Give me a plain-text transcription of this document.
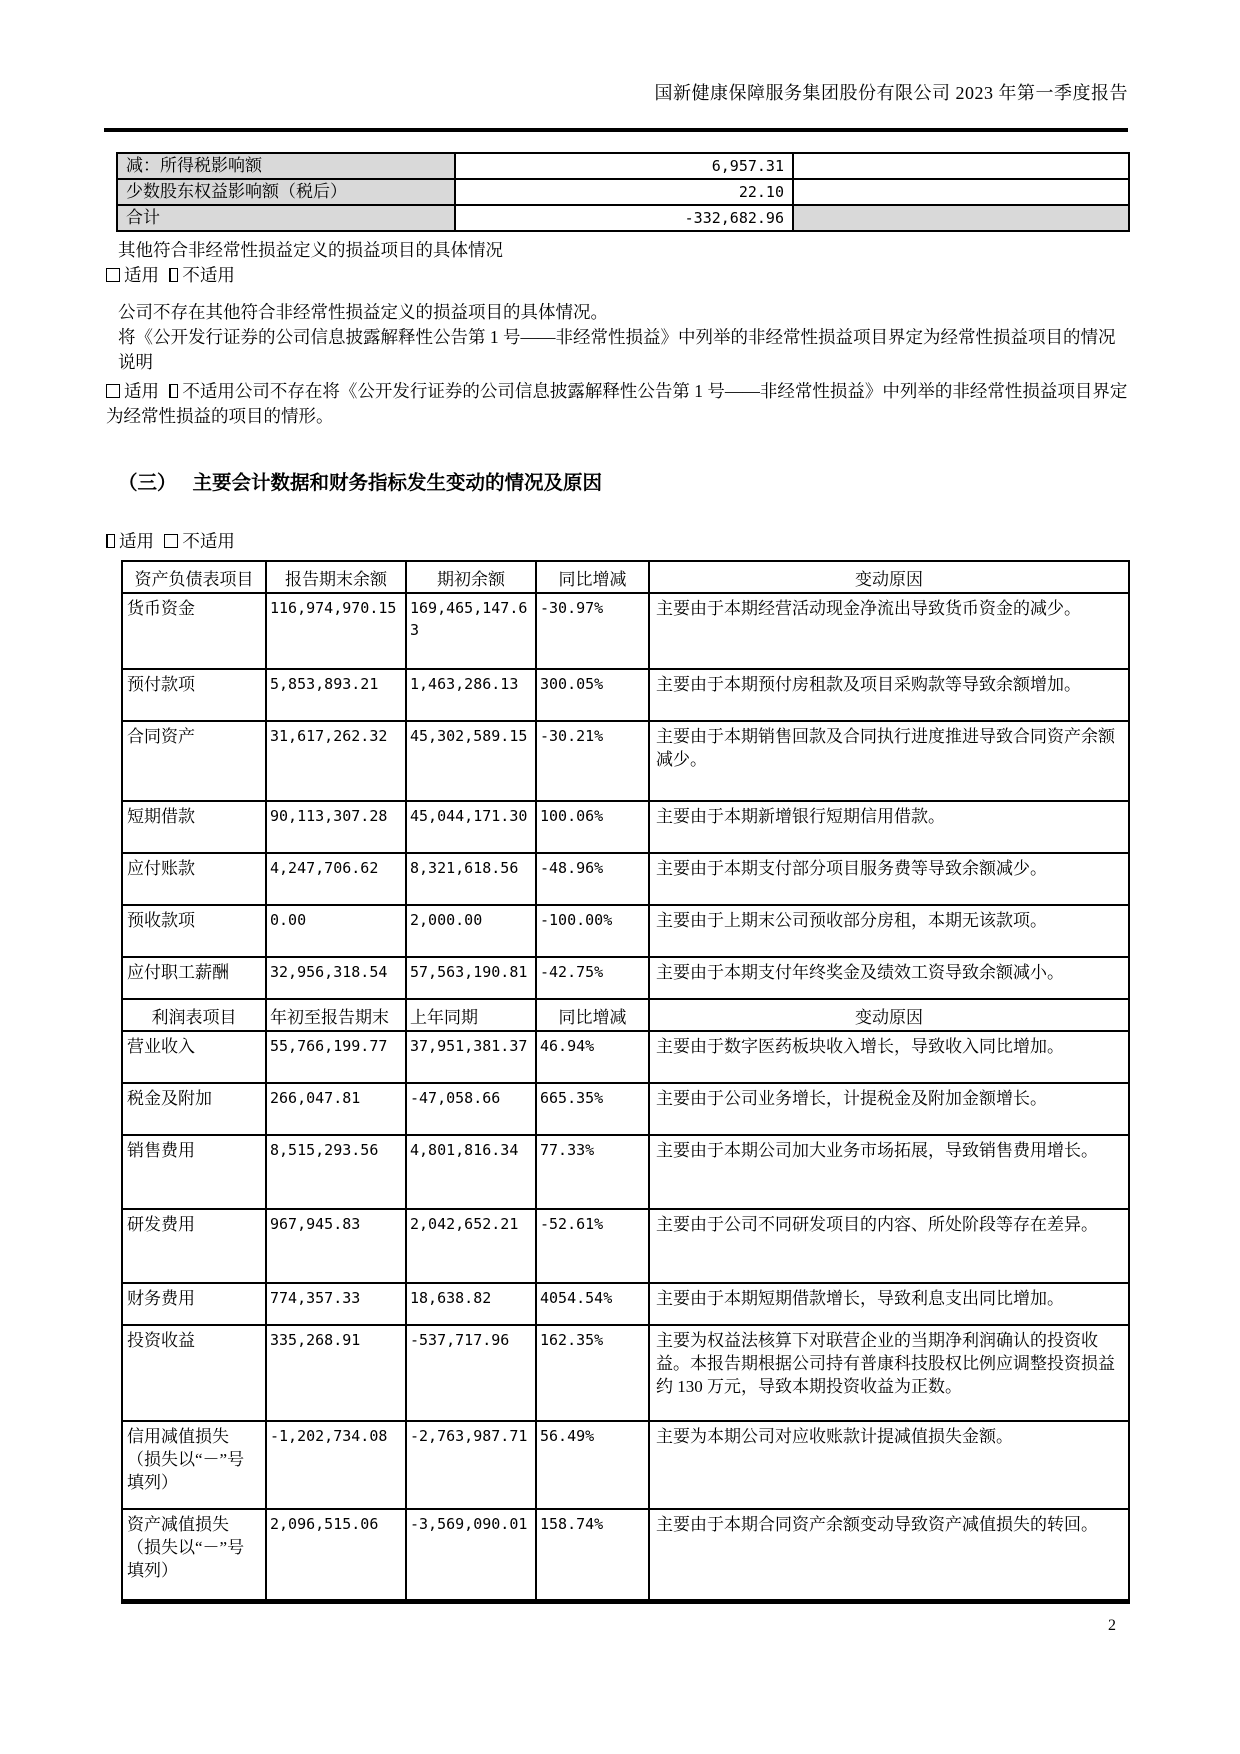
国新健康保障服务集团股份有限公司 2023 年第一季度报告
减：所得税影响额	6,957.31	
少数股东权益影响额（税后）	22.10	
合计	-332,682.96	

其他符合非经常性损益定义的损益项目的具体情况

适用 不适用

公司不存在其他符合非经常性损益定义的损益项目的具体情况。

将《公开发行证券的公司信息披露解释性公告第 1 号——非经常性损益》中列举的非经常性损益项目界定为经常性损益项目的情况说明

适用 不适用公司不存在将《公开发行证券的公司信息披露解释性公告第 1 号——非经常性损益》中列举的非经常性损益项目界定为经常性损益的项目的情形。

（三） 主要会计数据和财务指标发生变动的情况及原因

适用 不适用

资产负债表项目	报告期末余额	期初余额	同比增减	变动原因
货币资金	116,974,970.15	169,465,147.63	-30.97%	主要由于本期经营活动现金净流出导致货币资金的减少。
预付款项	5,853,893.21	1,463,286.13	300.05%	主要由于本期预付房租款及项目采购款等导致余额增加。
合同资产	31,617,262.32	45,302,589.15	-30.21%	主要由于本期销售回款及合同执行进度推进导致合同资产余额减少。
短期借款	90,113,307.28	45,044,171.30	100.06%	主要由于本期新增银行短期信用借款。
应付账款	4,247,706.62	8,321,618.56	-48.96%	主要由于本期支付部分项目服务费等导致余额减少。
预收款项	0.00	2,000.00	-100.00%	主要由于上期末公司预收部分房租，本期无该款项。
应付职工薪酬	32,956,318.54	57,563,190.81	-42.75%	主要由于本期支付年终奖金及绩效工资导致余额减小。
利润表项目	年初至报告期末	上年同期	同比增减	变动原因
营业收入	55,766,199.77	37,951,381.37	46.94%	主要由于数字医药板块收入增长，导致收入同比增加。
税金及附加	266,047.81	-47,058.66	665.35%	主要由于公司业务增长，计提税金及附加金额增长。
销售费用	8,515,293.56	4,801,816.34	77.33%	主要由于本期公司加大业务市场拓展，导致销售费用增长。
研发费用	967,945.83	2,042,652.21	-52.61%	主要由于公司不同研发项目的内容、所处阶段等存在差异。
财务费用	774,357.33	18,638.82	4054.54%	主要由于本期短期借款增长，导致利息支出同比增加。
投资收益	335,268.91	-537,717.96	162.35%	主要为权益法核算下对联营企业的当期净利润确认的投资收益。本报告期根据公司持有普康科技股权比例应调整投资损益约 130 万元，导致本期投资收益为正数。
信用减值损失（损失以“－”号填列）	-1,202,734.08	-2,763,987.71	56.49%	主要为本期公司对应收账款计提减值损失金额。
资产减值损失（损失以“－”号填列）	2,096,515.06	-3,569,090.01	158.74%	主要由于本期合同资产余额变动导致资产减值损失的转回。
2
